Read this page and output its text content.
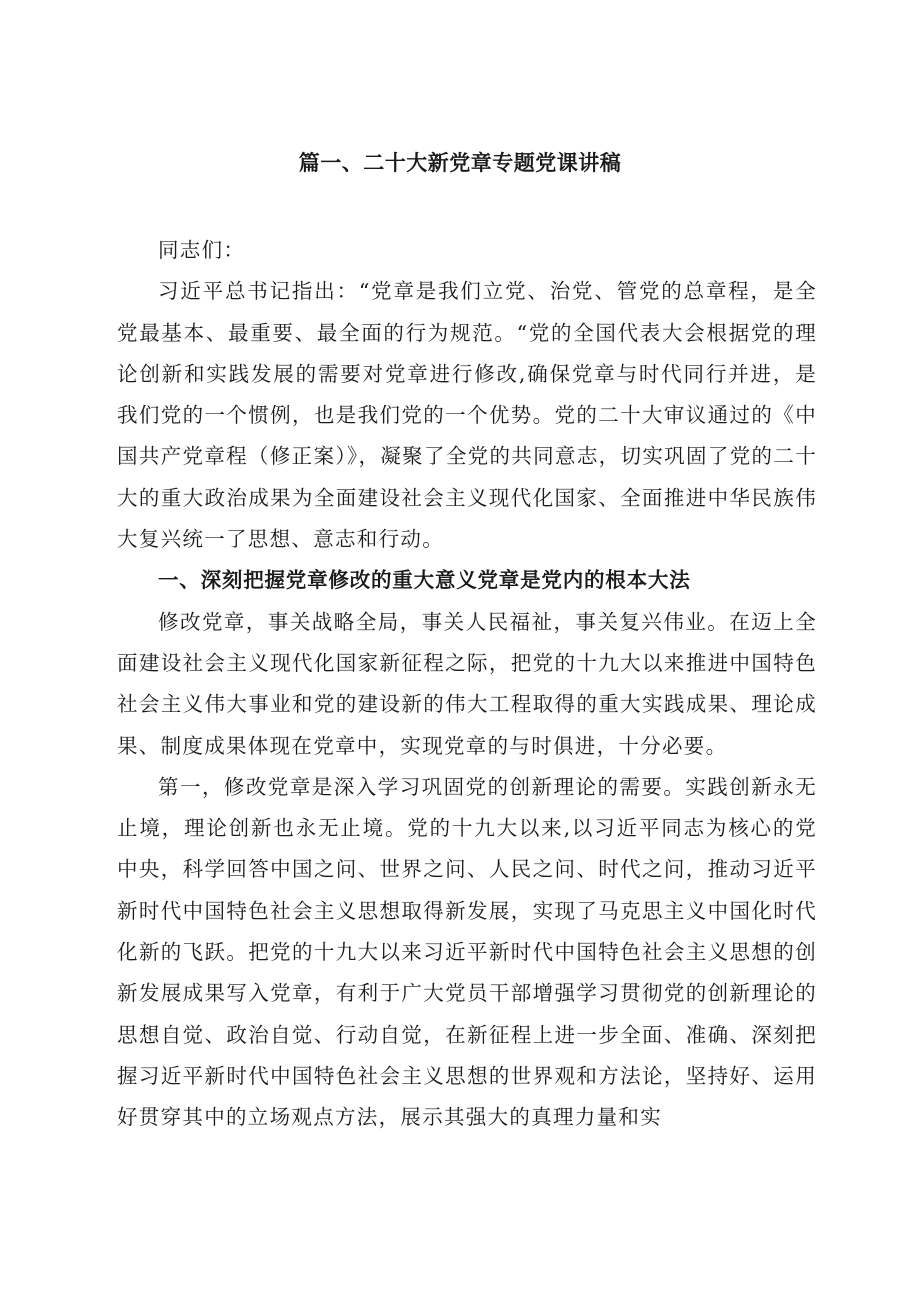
篇一、二十大新党章专题党课讲稿

同志们：

习近平总书记指出：“党章是我们立党、治党、管党的总章程，是全党最基本、最重要、最全面的行为规范。“党的全国代表大会根据党的理论创新和实践发展的需要对党章进行修改,确保党章与时代同行并进，是我们党的一个惯例，也是我们党的一个优势。党的二十大审议通过的《中国共产党章程（修正案）》，凝聚了全党的共同意志，切实巩固了党的二十大的重大政治成果为全面建设社会主义现代化国家、全面推进中华民族伟大复兴统一了思想、意志和行动。

一、深刻把握党章修改的重大意义党章是党内的根本大法

修改党章，事关战略全局，事关人民福祉，事关复兴伟业。在迈上全面建设社会主义现代化国家新征程之际，把党的十九大以来推进中国特色社会主义伟大事业和党的建设新的伟大工程取得的重大实践成果、理论成果、制度成果体现在党章中，实现党章的与时俱进，十分必要。

第一，修改党章是深入学习巩固党的创新理论的需要。实践创新永无止境，理论创新也永无止境。党的十九大以来,以习近平同志为核心的党中央，科学回答中国之问、世界之问、人民之问、时代之问，推动习近平新时代中国特色社会主义思想取得新发展，实现了马克思主义中国化时代化新的飞跃。把党的十九大以来习近平新时代中国特色社会主义思想的创新发展成果写入党章，有利于广大党员干部增强学习贯彻党的创新理论的思想自觉、政治自觉、行动自觉，在新征程上进一步全面、准确、深刻把握习近平新时代中国特色社会主义思想的世界观和方法论，坚持好、运用好贯穿其中的立场观点方法，展示其强大的真理力量和实
